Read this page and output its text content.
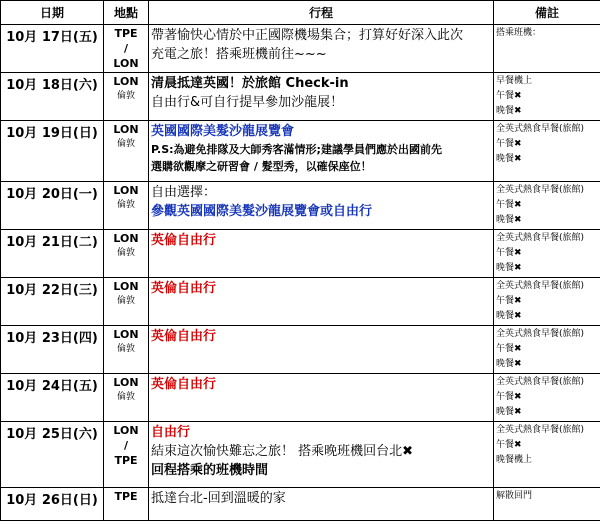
日期	地點	行程	備註
10月 17日(五)	TPE
/
LON	帶著愉快心情於中正國際機場集合；打算好好深入此次
充電之旅！搭乘班機前往~~~	搭乘班機：

10月 18日(六)	LON
倫敦	清晨抵達英國！於旅館 Check-in
自由行&可自行提早參加沙龍展！	早餐機上
午餐✖
晚餐✖

10月 19日(日)	LON
倫敦	英國國際美髮沙龍展覽會
P.S:為避免排隊及大師秀客滿情形;建議學員們應於出國前先
選購欲觀摩之研習會 / 髮型秀，以確保座位！	全英式熱食早餐(旅館)
午餐✖
晚餐✖

10月 20日(一)	LON
倫敦	自由選擇：
參觀英國國際美髮沙龍展覽會或自由行	全英式熱食早餐(旅館)
午餐✖
晚餐✖

10月 21日(二)	LON
倫敦	英倫自由行	全英式熱食早餐(旅館)
午餐✖
晚餐✖

10月 22日(三)	LON
倫敦	英倫自由行	全英式熱食早餐(旅館)
午餐✖
晚餐✖

10月 23日(四)	LON
倫敦	英倫自由行	全英式熱食早餐(旅館)
午餐✖
晚餐✖

10月 24日(五)	LON
倫敦	英倫自由行	全英式熱食早餐(旅館)
午餐✖
晚餐✖

10月 25日(六)	LON
/
TPE	自由行
結束這次愉快難忘之旅！ 搭乘晚班機回台北✖
回程搭乘的班機時間	全英式熱食早餐(旅館)
午餐✖
晚餐機上

10月 26日(日)	TPE	抵達台北-回到溫暖的家	解散回門
